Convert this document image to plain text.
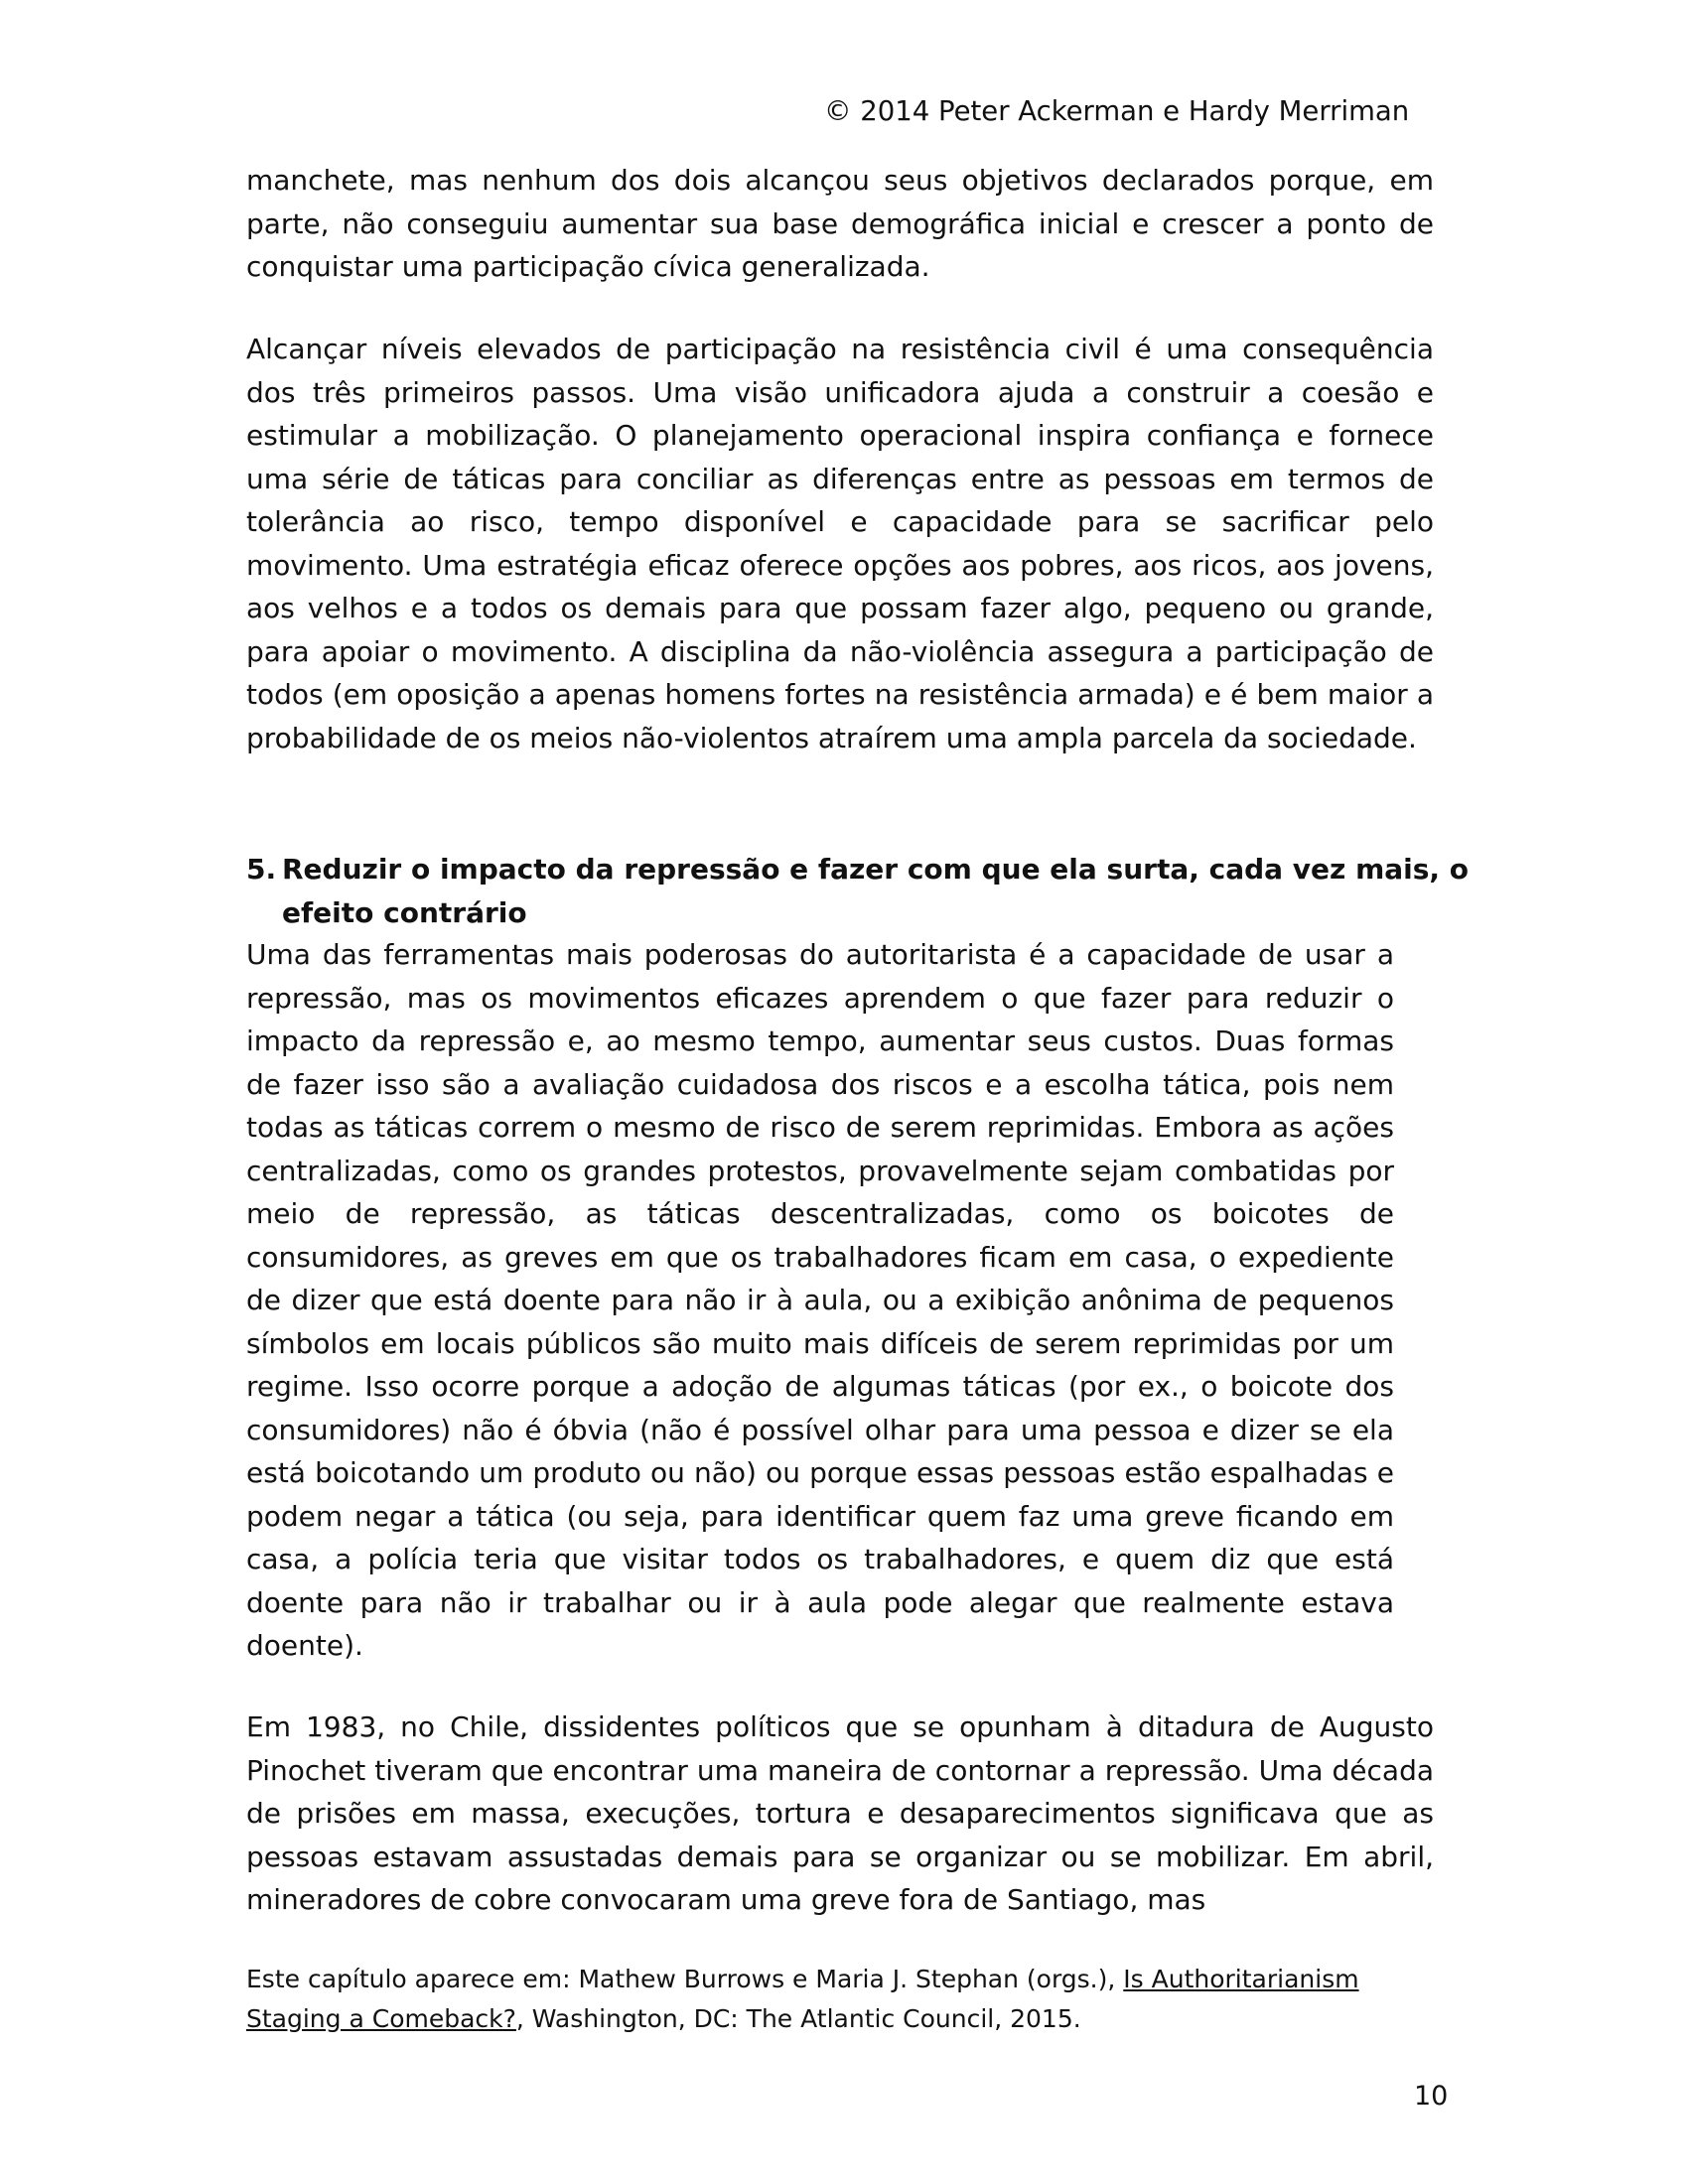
© 2014 Peter Ackerman e Hardy Merriman

manchete, mas nenhum dos dois alcançou seus objetivos declarados porque, em parte, não conseguiu aumentar sua base demográfica inicial e crescer a ponto de conquistar uma participação cívica generalizada.

Alcançar níveis elevados de participação na resistência civil é uma consequência dos três primeiros passos. Uma visão unificadora ajuda a construir a coesão e estimular a mobilização. O planejamento operacional inspira confiança e fornece uma série de táticas para conciliar as diferenças entre as pessoas em termos de tolerância ao risco, tempo disponível e capacidade para se sacrificar pelo movimento. Uma estratégia eficaz oferece opções aos pobres, aos ricos, aos jovens, aos velhos e a todos os demais para que possam fazer algo, pequeno ou grande, para apoiar o movimento. A disciplina da não-violência assegura a participação de todos (em oposição a apenas homens fortes na resistência armada) e é bem maior a probabilidade de os meios não-violentos atraírem uma ampla parcela da sociedade.

5. Reduzir o impacto da repressão e fazer com que ela surta, cada vez mais, o efeito contrário

Uma das ferramentas mais poderosas do autoritarista é a capacidade de usar a repressão, mas os movimentos eficazes aprendem o que fazer para reduzir o impacto da repressão e, ao mesmo tempo, aumentar seus custos. Duas formas de fazer isso são a avaliação cuidadosa dos riscos e a escolha tática, pois nem todas as táticas correm o mesmo de risco de serem reprimidas. Embora as ações centralizadas, como os grandes protestos, provavelmente sejam combatidas por meio de repressão, as táticas descentralizadas, como os boicotes de consumidores, as greves em que os trabalhadores ficam em casa, o expediente de dizer que está doente para não ir à aula, ou a exibição anônima de pequenos símbolos em locais públicos são muito mais difíceis de serem reprimidas por um regime. Isso ocorre porque a adoção de algumas táticas (por ex., o boicote dos consumidores) não é óbvia (não é possível olhar para uma pessoa e dizer se ela está boicotando um produto ou não) ou porque essas pessoas estão espalhadas e podem negar a tática (ou seja, para identificar quem faz uma greve ficando em casa, a polícia teria que visitar todos os trabalhadores, e quem diz que está doente para não ir trabalhar ou ir à aula pode alegar que realmente estava doente).

Em 1983, no Chile, dissidentes políticos que se opunham à ditadura de Augusto Pinochet tiveram que encontrar uma maneira de contornar a repressão. Uma década de prisões em massa, execuções, tortura e desaparecimentos significava que as pessoas estavam assustadas demais para se organizar ou se mobilizar. Em abril, mineradores de cobre convocaram uma greve fora de Santiago, mas

Este capítulo aparece em: Mathew Burrows e Maria J. Stephan (orgs.), Is Authoritarianism Staging a Comeback?, Washington, DC: The Atlantic Council, 2015.

10
